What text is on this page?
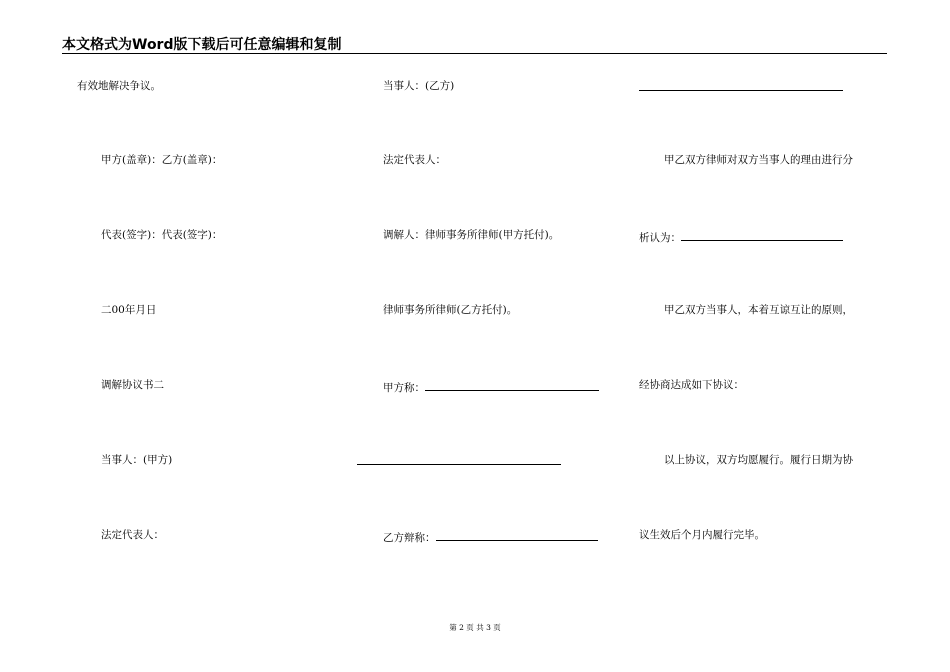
本文格式为Word版下载后可任意编辑和复制
有效地解决争议。
甲方(盖章)：乙方(盖章)：
代表(签字)：代表(签字)：
二00年月日
调解协议书二
当事人：(甲方)
法定代表人：
当事人：(乙方)
法定代表人：
调解人：律师事务所律师(甲方托付)。
律师事务所律师(乙方托付)。
甲方称：
乙方辩称：
甲乙双方律师对双方当事人的理由进行分
析认为：
甲乙双方当事人，本着互谅互让的原则，
经协商达成如下协议：
以上协议，双方均愿履行。履行日期为协
议生效后个月内履行完毕。
第 2 页 共 3 页
